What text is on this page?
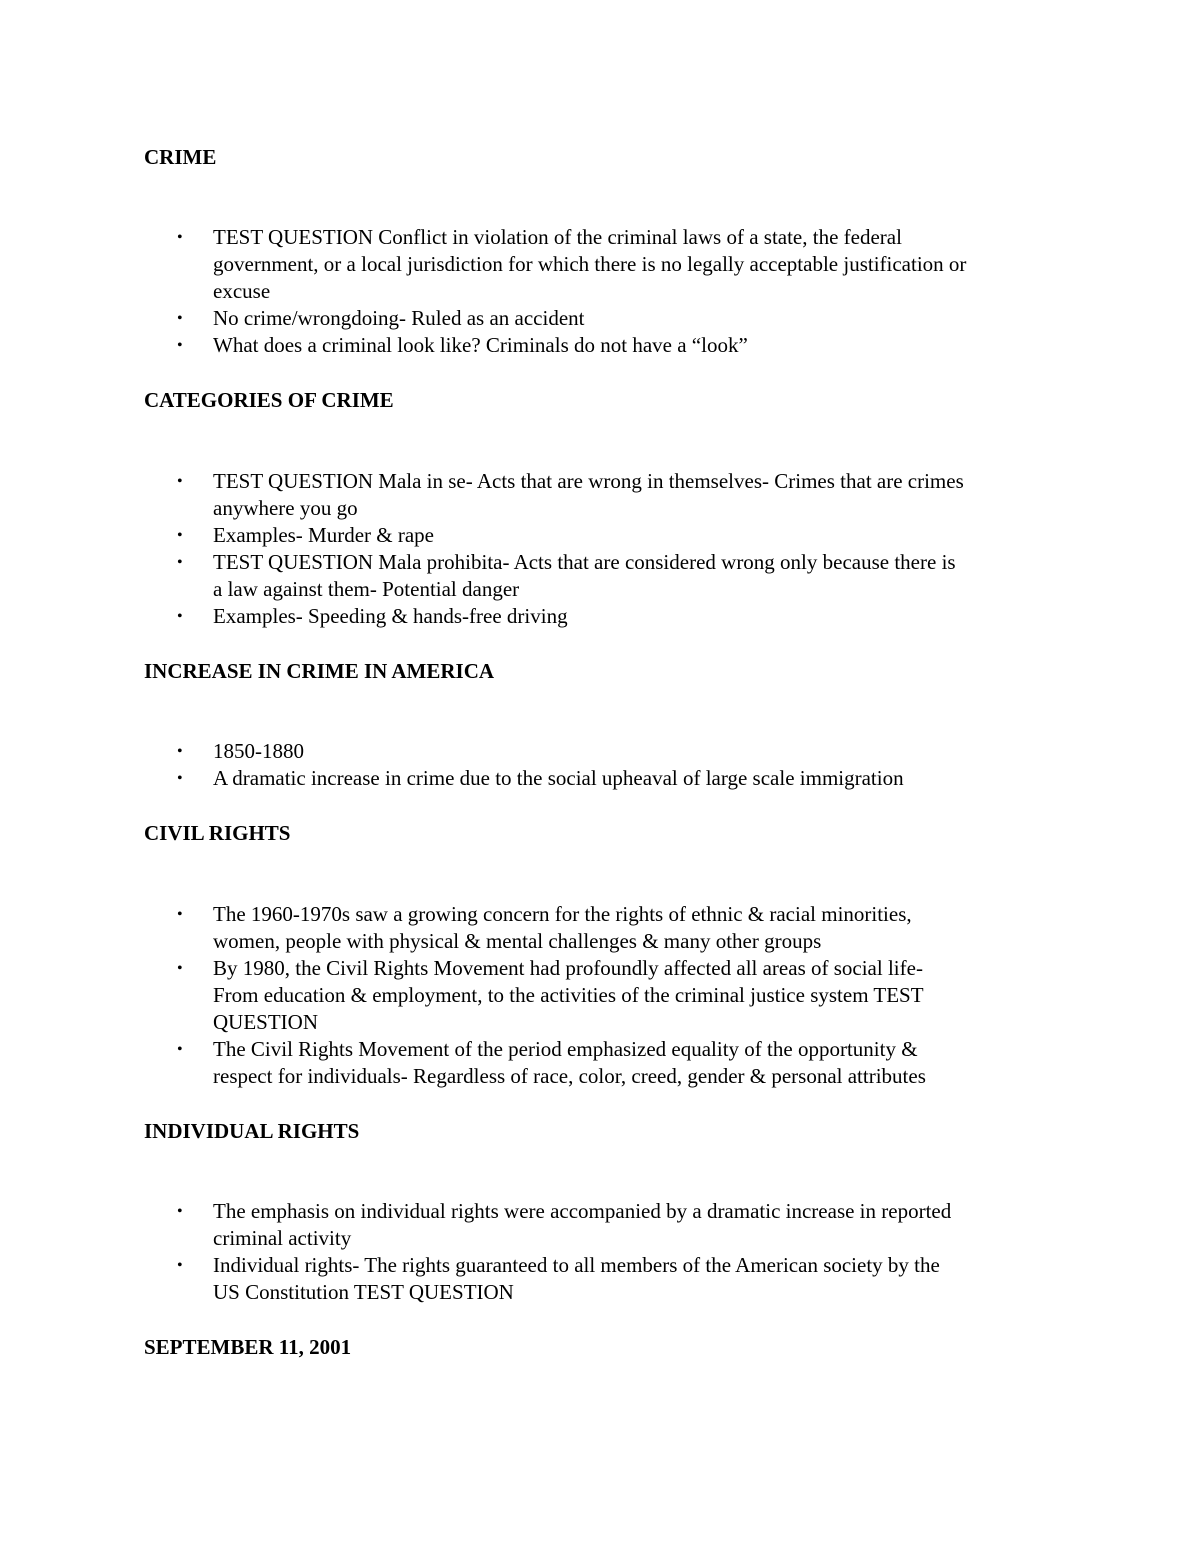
CRIME
• TEST QUESTION Conflict in violation of the criminal laws of a state, the federal
government, or a local jurisdiction for which there is no legally acceptable justification or
excuse
• No crime/wrongdoing- Ruled as an accident
• What does a criminal look like? Criminals do not have a “look”
CATEGORIES OF CRIME
• TEST QUESTION Mala in se- Acts that are wrong in themselves- Crimes that are crimes
anywhere you go
• Examples- Murder & rape
• TEST QUESTION Mala prohibita- Acts that are considered wrong only because there is
a law against them- Potential danger
• Examples- Speeding & hands-free driving
INCREASE IN CRIME IN AMERICA
• 1850-1880
• A dramatic increase in crime due to the social upheaval of large scale immigration
CIVIL RIGHTS
• The 1960-1970s saw a growing concern for the rights of ethnic & racial minorities,
women, people with physical & mental challenges & many other groups
• By 1980, the Civil Rights Movement had profoundly affected all areas of social life-
From education & employment, to the activities of the criminal justice system TEST
QUESTION
• The Civil Rights Movement of the period emphasized equality of the opportunity &
respect for individuals- Regardless of race, color, creed, gender & personal attributes
INDIVIDUAL RIGHTS
• The emphasis on individual rights were accompanied by a dramatic increase in reported
criminal activity
• Individual rights- The rights guaranteed to all members of the American society by the
US Constitution TEST QUESTION
SEPTEMBER 11, 2001
